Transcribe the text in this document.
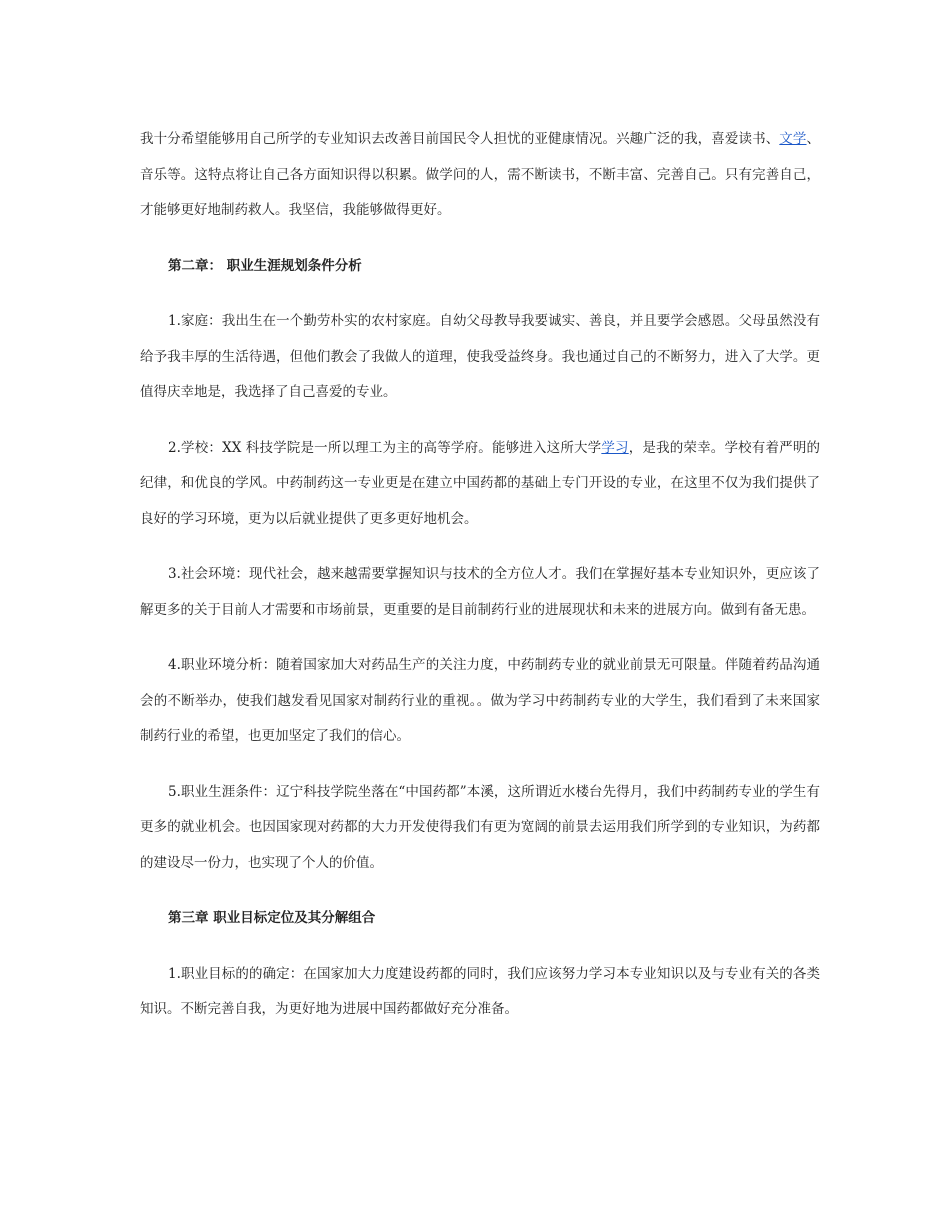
我十分希望能够用自己所学的专业知识去改善目前国民令人担忧的亚健康情况。兴趣广泛的我，喜爱读书、文学、音乐等。这特点将让自己各方面知识得以积累。做学问的人，需不断读书，不断丰富、完善自己。只有完善自己，才能够更好地制药救人。我坚信，我能够做得更好。

第二章： 职业生涯规划条件分析

1.家庭：我出生在一个勤劳朴实的农村家庭。自幼父母教导我要诚实、善良，并且要学会感恩。父母虽然没有给予我丰厚的生活待遇，但他们教会了我做人的道理，使我受益终身。我也通过自己的不断努力，进入了大学。更值得庆幸地是，我选择了自己喜爱的专业。

2.学校：XX 科技学院是一所以理工为主的高等学府。能够进入这所大学学习，是我的荣幸。学校有着严明的纪律，和优良的学风。中药制药这一专业更是在建立中国药都的基础上专门开设的专业，在这里不仅为我们提供了良好的学习环境，更为以后就业提供了更多更好地机会。

3.社会环境：现代社会，越来越需要掌握知识与技术的全方位人才。我们在掌握好基本专业知识外，更应该了解更多的关于目前人才需要和市场前景，更重要的是目前制药行业的进展现状和未来的进展方向。做到有备无患。

4.职业环境分析：随着国家加大对药品生产的关注力度，中药制药专业的就业前景无可限量。伴随着药品沟通会的不断举办，使我们越发看见国家对制药行业的重视。。做为学习中药制药专业的大学生，我们看到了未来国家制药行业的希望，也更加坚定了我们的信心。

5.职业生涯条件：辽宁科技学院坐落在“中国药都”本溪，这所谓近水楼台先得月，我们中药制药专业的学生有更多的就业机会。也因国家现对药都的大力开发使得我们有更为宽阔的前景去运用我们所学到的专业知识，为药都的建设尽一份力，也实现了个人的价值。

第三章 职业目标定位及其分解组合

1.职业目标的的确定：在国家加大力度建设药都的同时，我们应该努力学习本专业知识以及与专业有关的各类知识。不断完善自我，为更好地为进展中国药都做好充分准备。
